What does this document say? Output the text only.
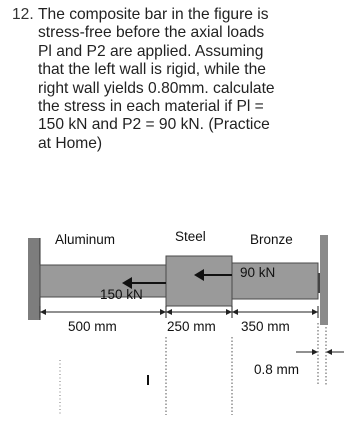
12. The composite bar in the figure is
stress-free before the axial loads
Pl and P2 are applied. Assuming
that the left wall is rigid, while the
right wall yields 0.80mm. calculate
the stress in each material if Pl =
150 kN and P2 = 90 kN. (Practice
at Home)
Aluminum	Steel	Bronze
90 kN
150 kN
500 mm	250 mm 350 mm
0.8 mm
